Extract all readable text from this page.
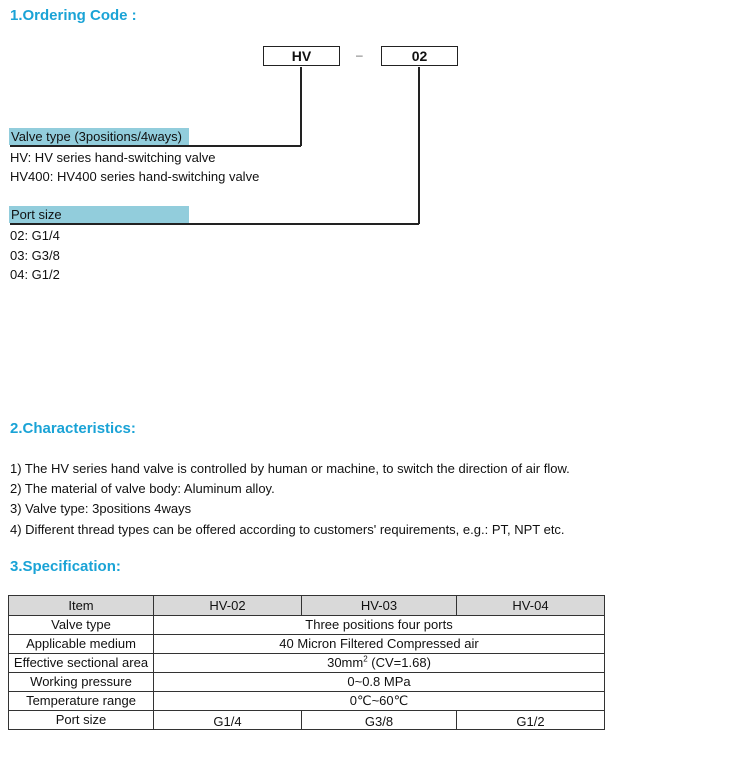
1.Ordering Code :
HV	–	02
Valve type (3positions/4ways)
HV: HV series hand-switching valve
HV400: HV400 series hand-switching valve
Port size
02: G1/4
03: G3/8
04: G1/2
2.Characteristics:
1) The HV series hand valve is controlled by human or machine, to switch the direction of air flow.
2) The material of valve body: Aluminum alloy.
3) Valve type: 3positions 4ways
4) Different thread types can be offered according to customers' requirements, e.g.: PT, NPT etc.
3.Specification:
Item	HV-02	HV-03	HV-04
Valve type	Three positions four ports		
Applicable medium	40 Micron Filtered Compressed air		
Effective sectional area	$30mm^2$ (CV=1.68)		
Working pressure	0~0.8 MPa		
Temperature range	0℃~60℃		
Port size	G1/4	G3/8	G1/2
